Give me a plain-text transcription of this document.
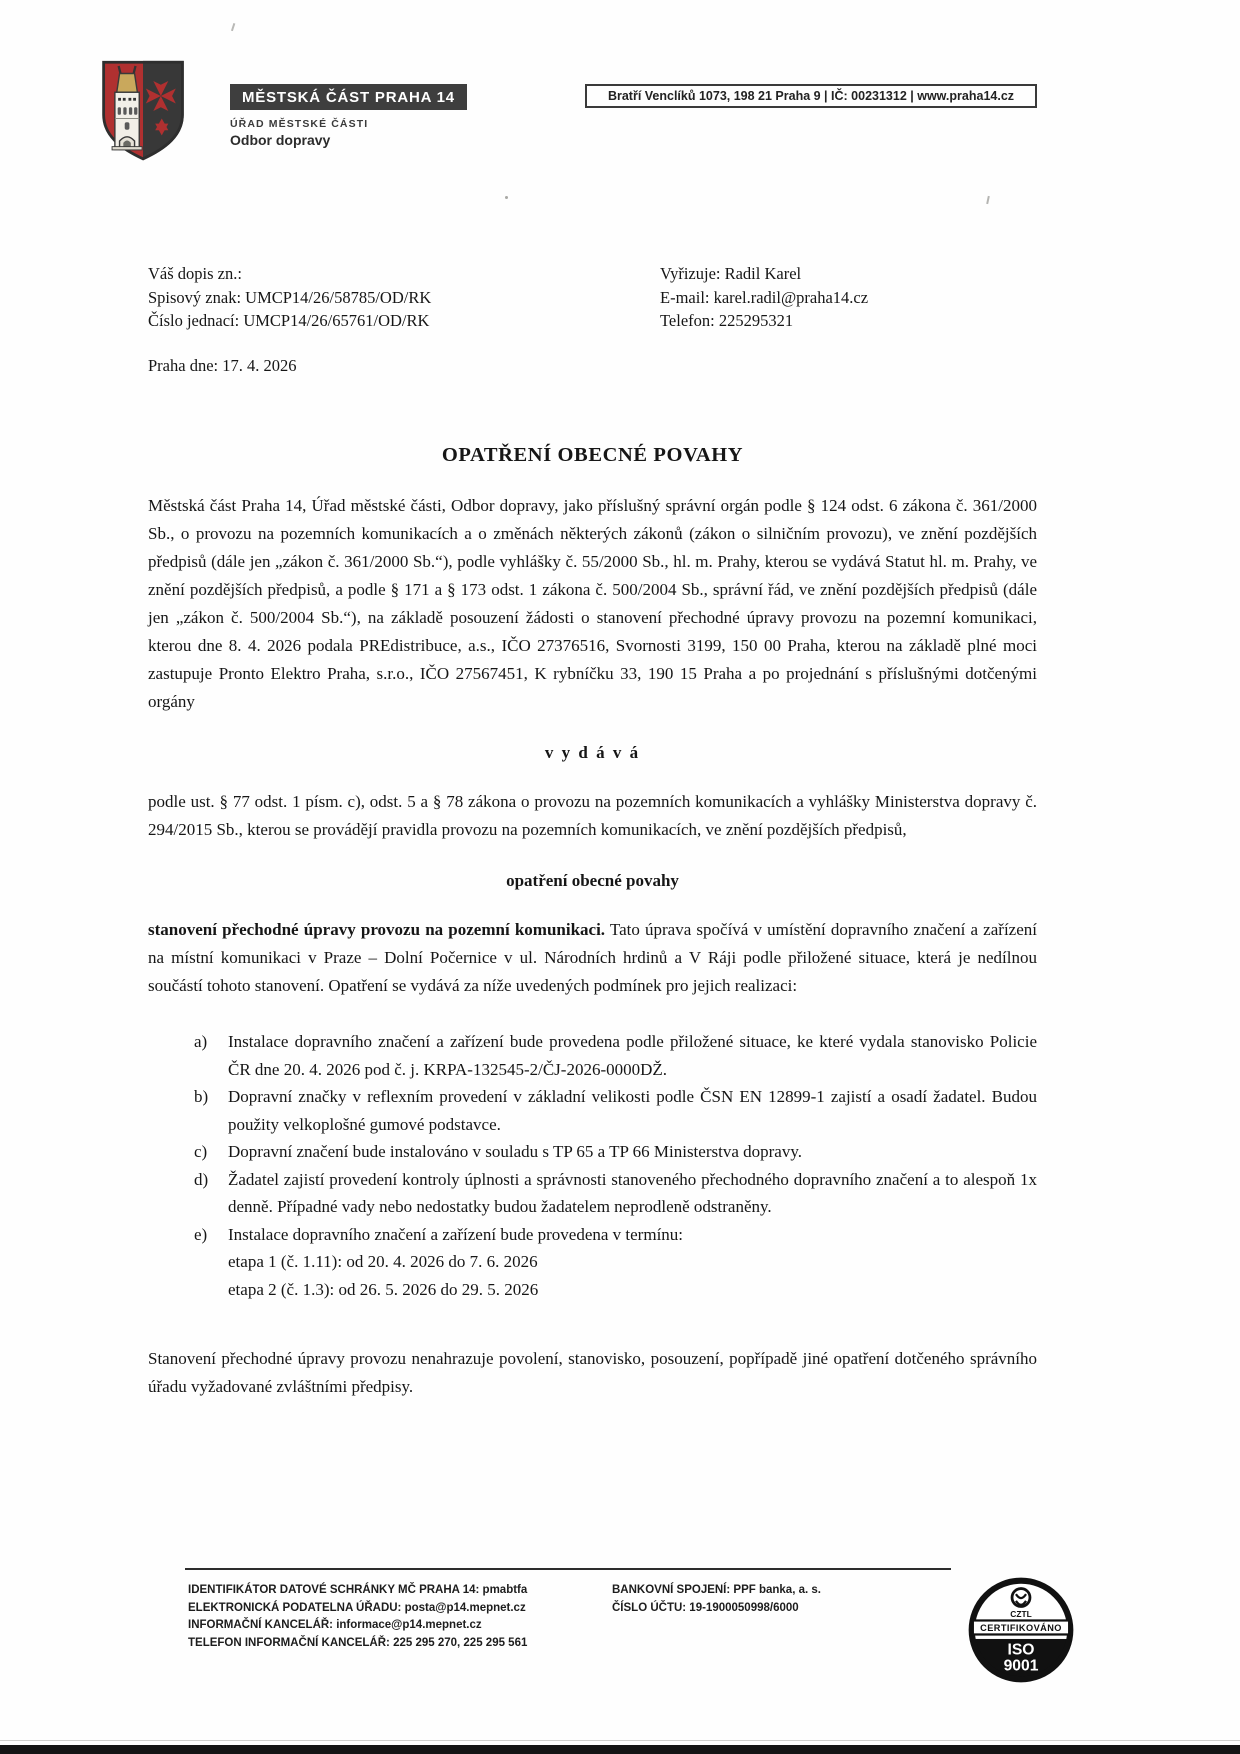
MĚSTSKÁ ČÁST PRAHA 14
ÚŘAD MĚSTSKÉ ČÁSTI
Odbor dopravy
Bratří Venclíků 1073, 198 21 Praha 9 | IČ: 00231312 | www.praha14.cz
Váš dopis zn.:
Spisový znak: UMCP14/26/58785/OD/RK
Číslo jednací: UMCP14/26/65761/OD/RK
Vyřizuje: Radil Karel
E-mail: karel.radil@praha14.cz
Telefon: 225295321
Praha dne: 17. 4. 2026
OPATŘENÍ OBECNÉ POVAHY

Městská část Praha 14, Úřad městské části, Odbor dopravy, jako příslušný správní orgán podle § 124 odst. 6 zákona č. 361/2000 Sb., o provozu na pozemních komunikacích a o změnách některých zákonů (zákon o silničním provozu), ve znění pozdějších předpisů (dále jen „zákon č. 361/2000 Sb.“), podle vyhlášky č. 55/2000 Sb., hl. m. Prahy, kterou se vydává Statut hl. m. Prahy, ve znění pozdějších předpisů, a podle § 171 a § 173 odst. 1 zákona č. 500/2004 Sb., správní řád, ve znění pozdějších předpisů (dále jen „zákon č. 500/2004 Sb.“), na základě posouzení žádosti o stanovení přechodné úpravy provozu na pozemní komunikaci, kterou dne 8. 4. 2026 podala PREdistribuce, a.s., IČO 27376516, Svornosti 3199, 150 00 Praha, kterou na základě plné moci zastupuje Pronto Elektro Praha, s.r.o., IČO 27567451, K rybníčku 33, 190 15 Praha a po projednání s příslušnými dotčenými orgány

v y d á v á

podle ust. § 77 odst. 1 písm. c), odst. 5 a § 78 zákona o provozu na pozemních komunikacích a vyhlášky Ministerstva dopravy č. 294/2015 Sb., kterou se provádějí pravidla provozu na pozemních komunikacích, ve znění pozdějších předpisů,

opatření obecné povahy

stanovení přechodné úpravy provozu na pozemní komunikaci. Tato úprava spočívá v umístění dopravního značení a zařízení na místní komunikaci v Praze – Dolní Počernice v ul. Národních hrdinů a V Ráji podle přiložené situace, která je nedílnou součástí tohoto stanovení. Opatření se vydává za níže uvedených podmínek pro jejich realizaci:

a) Instalace dopravního značení a zařízení bude provedena podle přiložené situace, ke které vydala stanovisko Policie ČR dne 20. 4. 2026 pod č. j. KRPA-132545-2/ČJ-2026-0000DŽ.
b) Dopravní značky v reflexním provedení v základní velikosti podle ČSN EN 12899-1 zajistí a osadí žadatel. Budou použity velkoplošné gumové podstavce.
c) Dopravní značení bude instalováno v souladu s TP 65 a TP 66 Ministerstva dopravy.
d) Žadatel zajistí provedení kontroly úplnosti a správnosti stanoveného přechodného dopravního značení a to alespoň 1x denně. Případné vady nebo nedostatky budou žadatelem neprodleně odstraněny.
e) Instalace dopravního značení a zařízení bude provedena v termínu:
etapa 1 (č. 1.11): od 20. 4. 2026 do 7. 6. 2026
etapa 2 (č. 1.3): od 26. 5. 2026 do 29. 5. 2026

Stanovení přechodné úpravy provozu nenahrazuje povolení, stanovisko, posouzení, popřípadě jiné opatření dotčeného správního úřadu vyžadované zvláštními předpisy.

IDENTIFIKÁTOR DATOVÉ SCHRÁNKY MČ PRAHA 14: pmabtfa
ELEKTRONICKÁ PODATELNA ÚŘADU: posta@p14.mepnet.cz
INFORMAČNÍ KANCELÁŘ: informace@p14.mepnet.cz
TELEFON INFORMAČNÍ KANCELÁŘ: 225 295 270, 225 295 561
BANKOVNÍ SPOJENÍ: PPF banka, a. s.
ČÍSLO ÚČTU: 19-1900050998/6000
CZTL
CERTIFIKOVÁNO
ISO
9001
